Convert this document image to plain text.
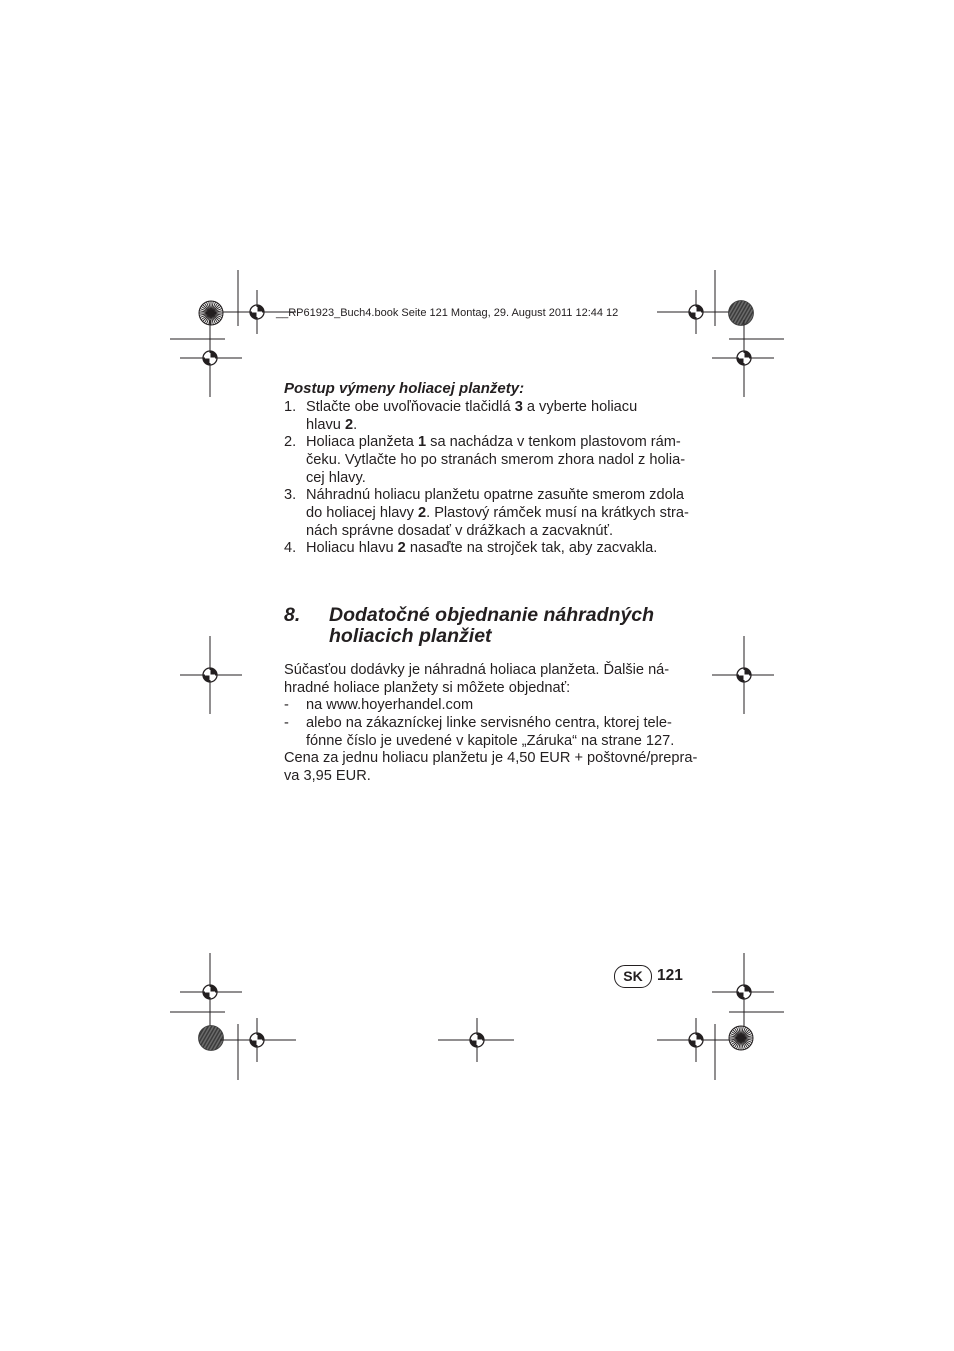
__RP61923_Buch4.book Seite 121 Montag, 29. August 2011 12:44 12
Postup výmeny holiacej planžety:
1. Stlačte obe uvoľňovacie tlačidlá 3 a vyberte holiacu
hlavu 2.
2. Holiaca planžeta 1 sa nachádza v tenkom plastovom rám-
čeku. Vytlačte ho po stranách smerom zhora nadol z holia-
cej hlavy.
3. Náhradnú holiacu planžetu opatrne zasuňte smerom zdola
do holiacej hlavy 2. Plastový rámček musí na krátkych stra-
nách správne dosadať v drážkach a zacvaknúť.
4. Holiacu hlavu 2 nasaďte na strojček tak, aby zacvakla.
8. Dodatočné objednanie náhradných
holiacich planžiet
Súčasťou dodávky je náhradná holiaca planžeta. Ďalšie ná-
hradné holiace planžety si môžete objednať:
- na www.hoyerhandel.com
- alebo na zákazníckej linke servisného centra, ktorej tele-
fónne číslo je uvedené v kapitole „Záruka“ na strane 127.
Cena za jednu holiacu planžetu je 4,50 EUR + poštovné/prepra-
va 3,95 EUR.
SK 121
